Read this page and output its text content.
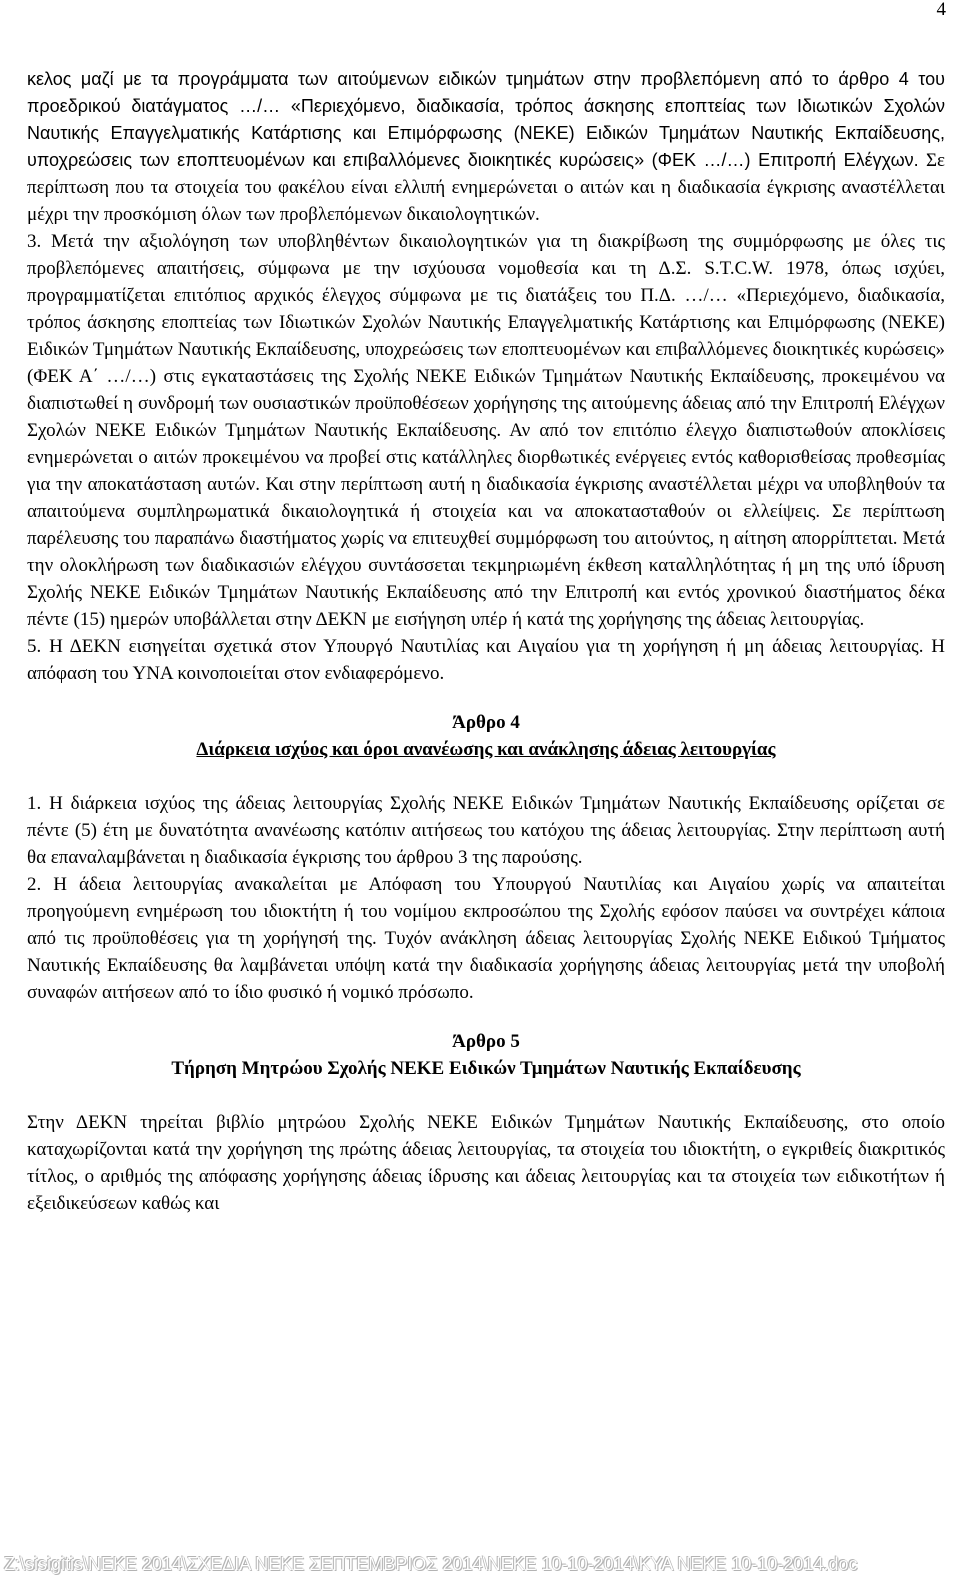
4

κελος μαζί με τα προγράμματα των αιτούμενων ειδικών τμημάτων στην προβλεπόμενη από το άρθρο 4 του προεδρικού διατάγματος …/… «Περιεχόμενο, διαδικασία, τρόπος άσκησης εποπτείας των Ιδιωτικών Σχολών Ναυτικής Επαγγελματικής Κατάρτισης και Επιμόρφωσης (ΝΕΚΕ) Ειδικών Τμημάτων Ναυτικής Εκπαίδευσης, υποχρεώσεις των εποπτευομένων και επιβαλλόμενες διοικητικές κυρώσεις» (ΦΕΚ …/…) Επιτροπή Ελέγχων. Σε περίπτωση που τα στοιχεία του φακέλου είναι ελλιπή ενημερώνεται ο αιτών και η διαδικασία έγκρισης αναστέλλεται μέχρι την προσκόμιση όλων των προβλεπόμενων δικαιολογητικών.

3. Μετά την αξιολόγηση των υποβληθέντων δικαιολογητικών για τη διακρίβωση της συμμόρφωσης με όλες τις προβλεπόμενες απαιτήσεις, σύμφωνα με την ισχύουσα νομοθεσία και τη Δ.Σ. S.T.C.W. 1978, όπως ισχύει, προγραμματίζεται επιτόπιος αρχικός έλεγχος σύμφωνα με τις διατάξεις του Π.Δ. …/… «Περιεχόμενο, διαδικασία, τρόπος άσκησης εποπτείας των Ιδιωτικών Σχολών Ναυτικής Επαγγελματικής Κατάρτισης και Επιμόρφωσης (ΝΕΚΕ) Ειδικών Τμημάτων Ναυτικής Εκπαίδευσης, υποχρεώσεις των εποπτευομένων και επιβαλλόμενες διοικητικές κυρώσεις» (ΦΕΚ Α΄ …/…) στις εγκαταστάσεις της Σχολής ΝΕΚΕ Ειδικών Τμημάτων Ναυτικής Εκπαίδευσης, προκειμένου να διαπιστωθεί η συνδρομή των ουσιαστικών προϋποθέσεων χορήγησης της αιτούμενης άδειας από την Επιτροπή Ελέγχων Σχολών ΝΕΚΕ Ειδικών Τμημάτων Ναυτικής Εκπαίδευσης. Αν από τον επιτόπιο έλεγχο διαπιστωθούν αποκλίσεις ενημερώνεται ο αιτών προκειμένου να προβεί στις κατάλληλες διορθωτικές ενέργειες εντός καθορισθείσας προθεσμίας για την αποκατάσταση αυτών. Και στην περίπτωση αυτή η διαδικασία έγκρισης αναστέλλεται μέχρι να υποβληθούν τα απαιτούμενα συμπληρωματικά δικαιολογητικά ή στοιχεία και να αποκατασταθούν οι ελλείψεις. Σε περίπτωση παρέλευσης του παραπάνω διαστήματος χωρίς να επιτευχθεί συμμόρφωση του αιτούντος, η αίτηση απορρίπτεται. Μετά την ολοκλήρωση των διαδικασιών ελέγχου συντάσσεται τεκμηριωμένη έκθεση καταλληλότητας ή μη της υπό ίδρυση Σχολής ΝΕΚΕ Ειδικών Τμημάτων Ναυτικής Εκπαίδευσης από την Επιτροπή και εντός χρονικού διαστήματος δέκα πέντε (15) ημερών υποβάλλεται στην ΔΕΚΝ με εισήγηση υπέρ ή κατά της χορήγησης της άδειας λειτουργίας.

5. Η ΔΕΚΝ εισηγείται σχετικά στον Υπουργό Ναυτιλίας και Αιγαίου για τη χορήγηση ή μη άδειας λειτουργίας. Η απόφαση του ΥΝΑ κοινοποιείται στον ενδιαφερόμενο.

Άρθρο 4

Διάρκεια ισχύος και όροι ανανέωσης και ανάκλησης άδειας λειτουργίας

1. Η διάρκεια ισχύος της άδειας λειτουργίας Σχολής ΝΕΚΕ Ειδικών Τμημάτων Ναυτικής Εκπαίδευσης ορίζεται σε πέντε (5) έτη με δυνατότητα ανανέωσης κατόπιν αιτήσεως του κατόχου της άδειας λειτουργίας. Στην περίπτωση αυτή θα επαναλαμβάνεται η διαδικασία έγκρισης του άρθρου 3 της παρούσης.

2. Η άδεια λειτουργίας ανακαλείται με Απόφαση του Υπουργού Ναυτιλίας και Αιγαίου χωρίς να απαιτείται προηγούμενη ενημέρωση του ιδιοκτήτη ή του νομίμου εκπροσώπου της Σχολής εφόσον παύσει να συντρέχει κάποια από τις προϋποθέσεις για τη χορήγησή της. Τυχόν ανάκληση άδειας λειτουργίας Σχολής ΝΕΚΕ Ειδικού Τμήματος Ναυτικής Εκπαίδευσης θα λαμβάνεται υπόψη κατά την διαδικασία χορήγησης άδειας λειτουργίας μετά την υποβολή συναφών αιτήσεων από το ίδιο φυσικό ή νομικό πρόσωπο.

Άρθρο 5

Τήρηση Μητρώου Σχολής ΝΕΚΕ Ειδικών Τμημάτων Ναυτικής Εκπαίδευσης

Στην ΔΕΚΝ τηρείται βιβλίο μητρώου Σχολής ΝΕΚΕ Ειδικών Τμημάτων Ναυτικής Εκπαίδευσης, στο οποίο καταχωρίζονται κατά την χορήγηση της πρώτης άδειας λειτουργίας, τα στοιχεία του ιδιοκτήτη, ο εγκριθείς διακριτικός τίτλος, ο αριθμός της απόφασης χορήγησης άδειας ίδρυσης και άδειας λειτουργίας και τα στοιχεία των ειδικοτήτων ή εξειδικεύσεων καθώς και

Z:\sisigitis\ΝΕΚΕ 2014\ΣΧΕΔΙΑ ΝΕΚΕ ΣΕΠΤΕΜΒΡΙΟΣ 2014\ΝΕΚΕ 10-10-2014\ΚΥΑ ΝΕΚΕ 10-10-2014.doc
